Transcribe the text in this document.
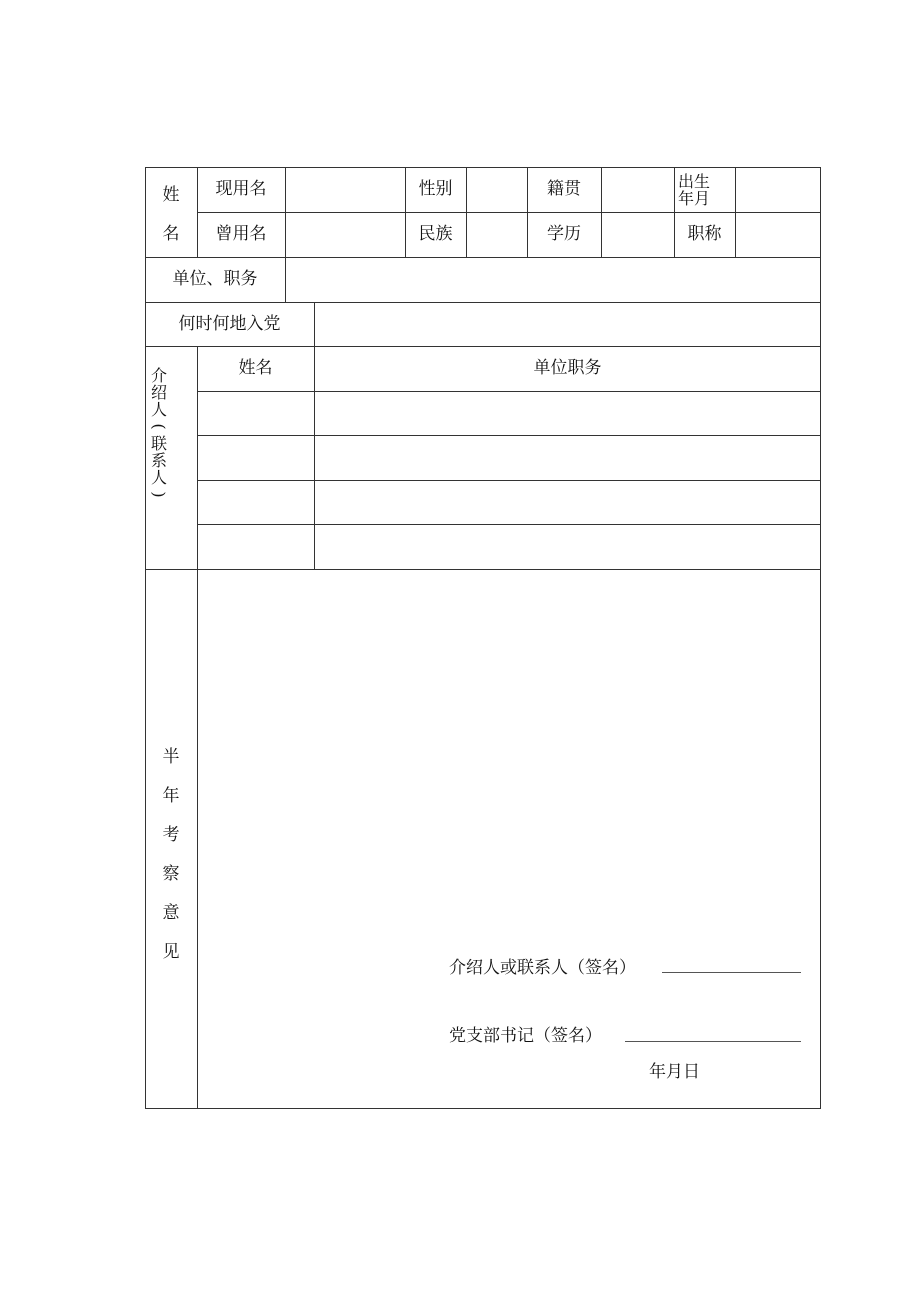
姓
名
现用名	性别	籍贯	出生
年月
曾用名	民族	学历	职称
单位、职务
何时何地入党
介
绍
人
(
联
系
人
)
姓名	单位职务
半
年
考
察
意
见
介绍人或联系人（签名）
党支部书记（签名）
年月日
